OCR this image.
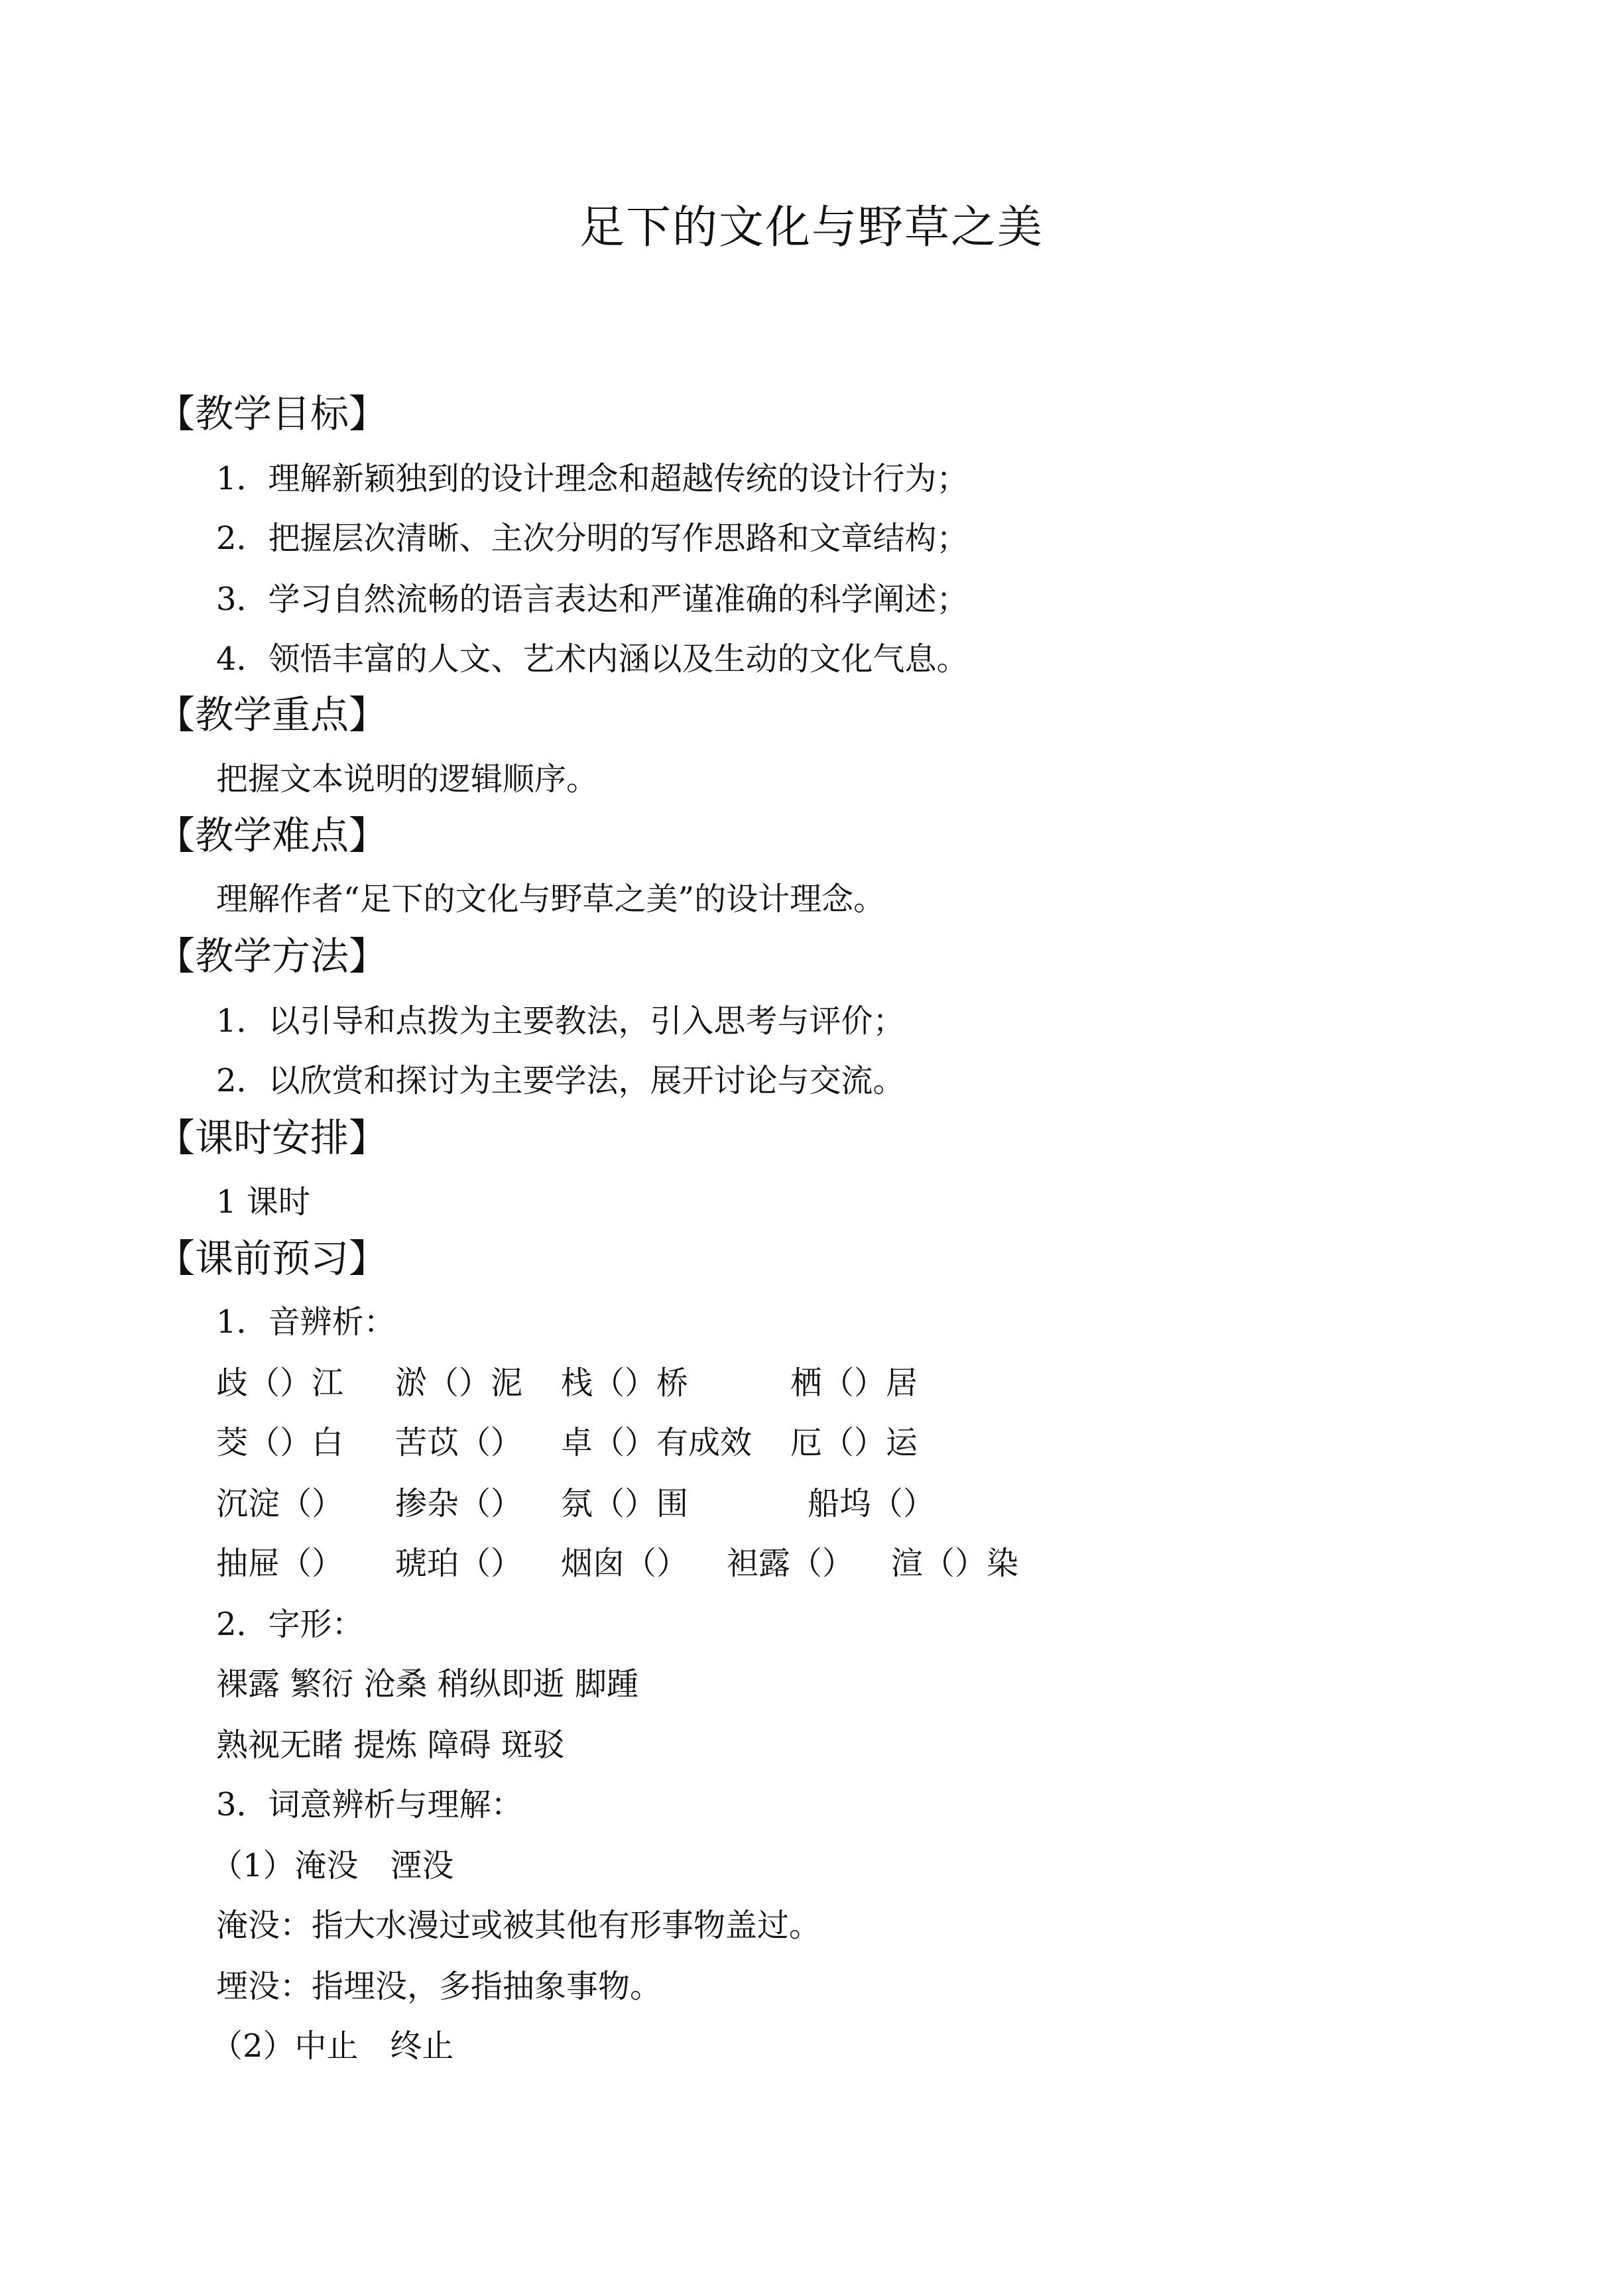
足下的文化与野草之美
【教学目标】
1．理解新颖独到的设计理念和超越传统的设计行为；
2．把握层次清晰、主次分明的写作思路和文章结构；
3．学习自然流畅的语言表达和严谨准确的科学阐述；
4．领悟丰富的人文、艺术内涵以及生动的文化气息。
【教学重点】
把握文本说明的逻辑顺序。
【教学难点】
理解作者“足下的文化与野草之美”的设计理念。
【教学方法】
1．以引导和点拨为主要教法，引入思考与评价；
2．以欣赏和探讨为主要学法，展开讨论与交流。
【课时安排】
1 课时
【课前预习】
1．音辨析：
歧（）江 淤（）泥 栈（）桥	栖（）居
茭（）白 苦苡（） 卓（）有成效 厄（）运
沉淀（） 掺杂（） 氛（）围	船坞（）
抽屉（） 琥珀（） 烟囱（） 袒露（） 渲（）染
2．字形：
裸露 繁衍 沧桑 稍纵即逝 脚踵
熟视无睹 提炼 障碍 斑驳
3．词意辨析与理解：
（1）淹没　湮没
淹没：指大水漫过或被其他有形事物盖过。
堙没：指埋没，多指抽象事物。
（2）中止　终止
